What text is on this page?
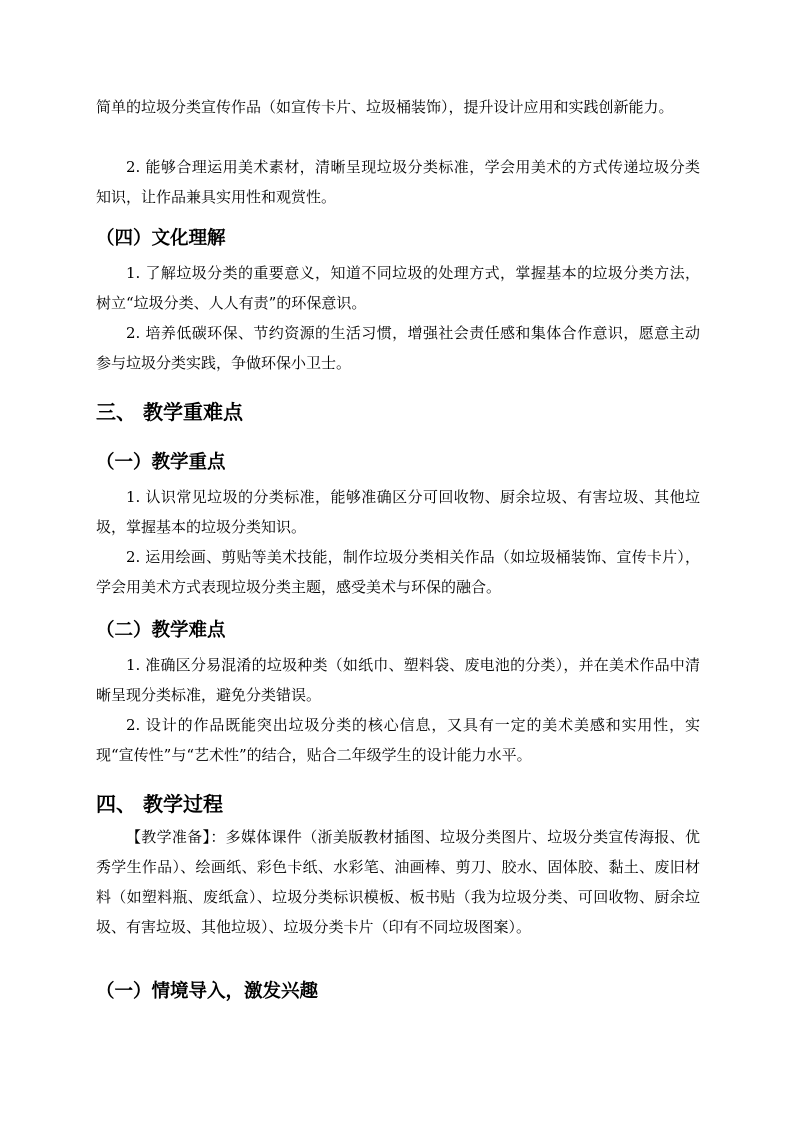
简单的垃圾分类宣传作品（如宣传卡片、垃圾桶装饰），提升设计应用和实践创新能力。

2. 能够合理运用美术素材，清晰呈现垃圾分类标准，学会用美术的方式传递垃圾分类知识，让作品兼具实用性和观赏性。

（四）文化理解

1. 了解垃圾分类的重要意义，知道不同垃圾的处理方式，掌握基本的垃圾分类方法，树立“垃圾分类、人人有责”的环保意识。

2. 培养低碳环保、节约资源的生活习惯，增强社会责任感和集体合作意识，愿意主动参与垃圾分类实践，争做环保小卫士。

三、 教学重难点
（一）教学重点

1. 认识常见垃圾的分类标准，能够准确区分可回收物、厨余垃圾、有害垃圾、其他垃圾，掌握基本的垃圾分类知识。

2. 运用绘画、剪贴等美术技能，制作垃圾分类相关作品（如垃圾桶装饰、宣传卡片），学会用美术方式表现垃圾分类主题，感受美术与环保的融合。

（二）教学难点

1. 准确区分易混淆的垃圾种类（如纸巾、塑料袋、废电池的分类），并在美术作品中清晰呈现分类标准，避免分类错误。

2. 设计的作品既能突出垃圾分类的核心信息，又具有一定的美术美感和实用性，实现“宣传性”与“艺术性”的结合，贴合二年级学生的设计能力水平。

四、 教学过程

【教学准备】：多媒体课件（浙美版教材插图、垃圾分类图片、垃圾分类宣传海报、优秀学生作品）、绘画纸、彩色卡纸、水彩笔、油画棒、剪刀、胶水、固体胶、黏土、废旧材料（如塑料瓶、废纸盒）、垃圾分类标识模板、板书贴（我为垃圾分类、可回收物、厨余垃圾、有害垃圾、其他垃圾）、垃圾分类卡片（印有不同垃圾图案）。

（一）情境导入，激发兴趣
